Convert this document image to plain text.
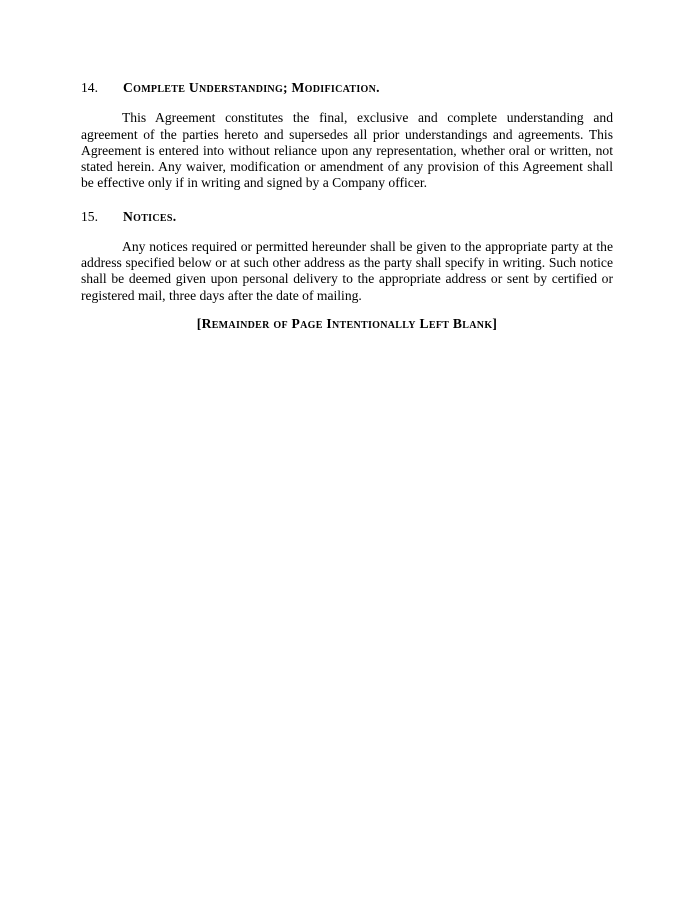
14.	Complete Understanding; Modification.

This Agreement constitutes the final, exclusive and complete understanding and agreement of the parties hereto and supersedes all prior understandings and agreements. This Agreement is entered into without reliance upon any representation, whether oral or written, not stated herein. Any waiver, modification or amendment of any provision of this Agreement shall be effective only if in writing and signed by a Company officer.

15.	Notices.

Any notices required or permitted hereunder shall be given to the appropriate party at the address specified below or at such other address as the party shall specify in writing. Such notice shall be deemed given upon personal delivery to the appropriate address or sent by certified or registered mail, three days after the date of mailing.

[Remainder of Page Intentionally Left Blank]
